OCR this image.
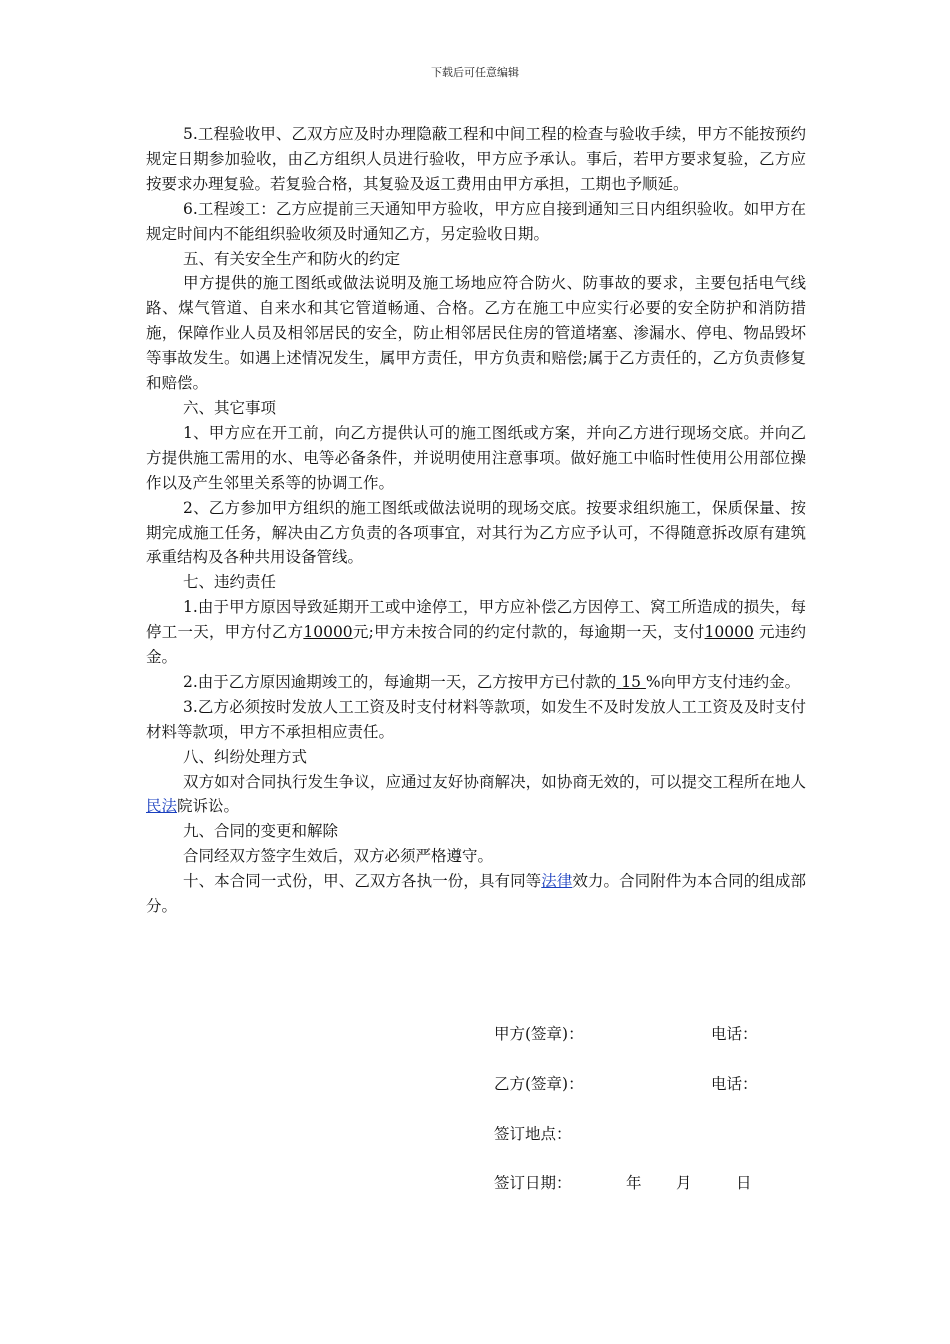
下载后可任意编辑

5.工程验收甲、乙双方应及时办理隐蔽工程和中间工程的检查与验收手续，甲方不能按预约规定日期参加验收，由乙方组织人员进行验收，甲方应予承认。事后，若甲方要求复验，乙方应按要求办理复验。若复验合格，其复验及返工费用由甲方承担，工期也予顺延。

6.工程竣工：乙方应提前三天通知甲方验收，甲方应自接到通知三日内组织验收。如甲方在规定时间内不能组织验收须及时通知乙方，另定验收日期。

五、有关安全生产和防火的约定

甲方提供的施工图纸或做法说明及施工场地应符合防火、防事故的要求，主要包括电气线路、煤气管道、自来水和其它管道畅通、合格。乙方在施工中应实行必要的安全防护和消防措施，保障作业人员及相邻居民的安全，防止相邻居民住房的管道堵塞、渗漏水、停电、物品毁坏等事故发生。如遇上述情况发生，属甲方责任，甲方负责和赔偿;属于乙方责任的，乙方负责修复和赔偿。

六、其它事项

1、甲方应在开工前，向乙方提供认可的施工图纸或方案，并向乙方进行现场交底。并向乙方提供施工需用的水、电等必备条件，并说明使用注意事项。做好施工中临时性使用公用部位操作以及产生邻里关系等的协调工作。

2、乙方参加甲方组织的施工图纸或做法说明的现场交底。按要求组织施工，保质保量、按期完成施工任务，解决由乙方负责的各项事宜，对其行为乙方应予认可，不得随意拆改原有建筑承重结构及各种共用设备管线。

七、违约责任

1.由于甲方原因导致延期开工或中途停工，甲方应补偿乙方因停工、窝工所造成的损失，每停工一天，甲方付乙方10000元;甲方未按合同的约定付款的，每逾期一天，支付10000 元违约金。

2.由于乙方原因逾期竣工的，每逾期一天，乙方按甲方已付款的 15 %向甲方支付违约金。

3.乙方必须按时发放人工工资及时支付材料等款项，如发生不及时发放人工工资及及时支付材料等款项，甲方不承担相应责任。

八、纠纷处理方式

双方如对合同执行发生争议，应通过友好协商解决，如协商无效的，可以提交工程所在地人民法院诉讼。

九、合同的变更和解除

合同经双方签字生效后，双方必须严格遵守。

十、本合同一式份，甲、乙双方各执一份，具有同等法律效力。合同附件为本合同的组成部分。

甲方(签章)：	电话：
乙方(签章)：	电话：
签订地点：
签订日期：	年 月	日
